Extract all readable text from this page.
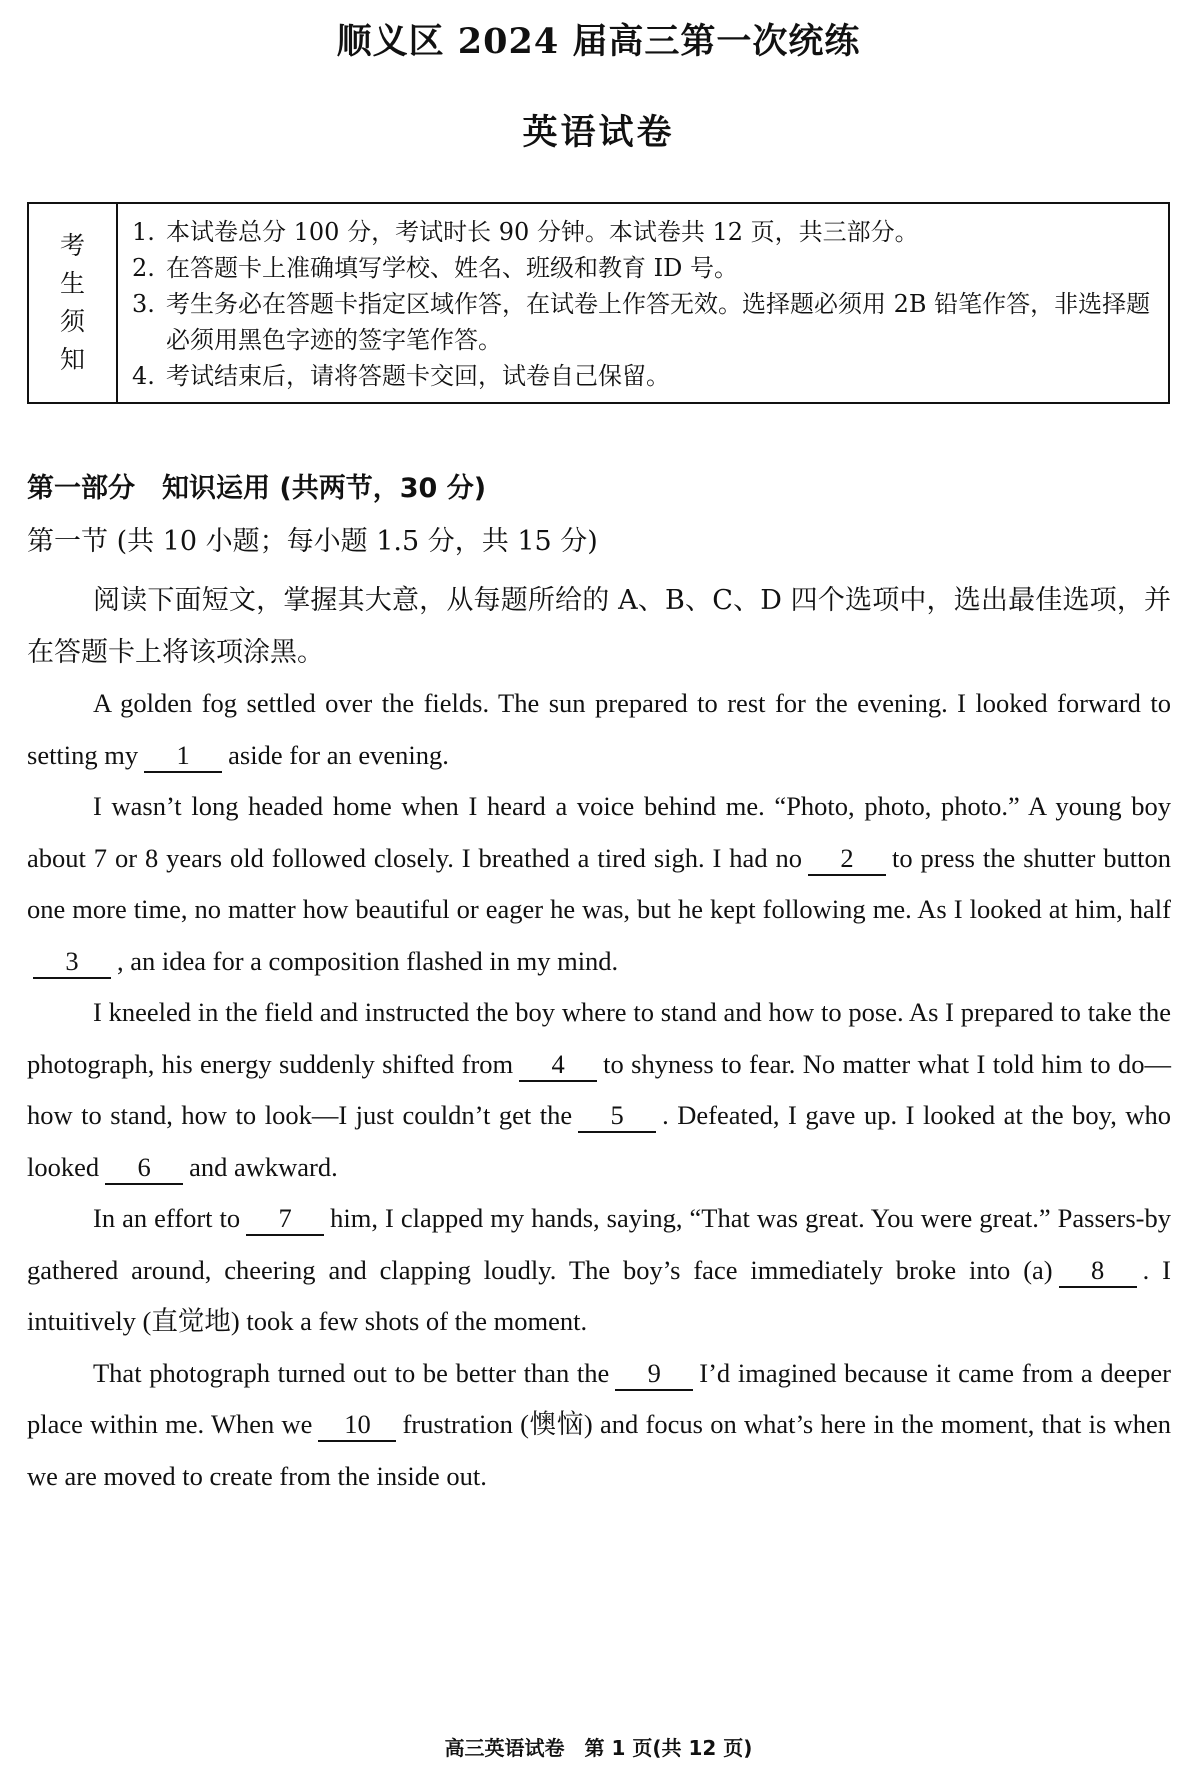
顺义区 2024 届高三第一次统练
英语试卷
考
生
须
知
1. 本试卷总分 100 分，考试时长 90 分钟。本试卷共 12 页，共三部分。
2. 在答题卡上准确填写学校、姓名、班级和教育 ID 号。
3. 考生务必在答题卡指定区域作答，在试卷上作答无效。选择题必须用 2B 铅笔作答，非选择题必须用黑色字迹的签字笔作答。
4. 考试结束后，请将答题卡交回，试卷自己保留。
第一部分　知识运用 (共两节，30 分)
第一节 (共 10 小题；每小题 1.5 分，共 15 分)
阅读下面短文，掌握其大意，从每题所给的 A、B、C、D 四个选项中，选出最佳选项，并在答题卡上将该项涂黑。

A golden fog settled over the fields. The sun prepared to rest for the evening. I looked forward to setting my 1 aside for an evening.

I wasn’t long headed home when I heard a voice behind me. “Photo, photo, photo.” A young boy about 7 or 8 years old followed closely. I breathed a tired sigh. I had no 2 to press the shutter button one more time, no matter how beautiful or eager he was, but he kept following me. As I looked at him, half3 , an idea for a composition flashed in my mind.

I kneeled in the field and instructed the boy where to stand and how to pose. As I prepared to take the photograph, his energy suddenly shifted from 4 to shyness to fear. No matter what I told him to do—how to stand, how to look—I just couldn’t get the 5 . Defeated, I gave up. I looked at the boy, who looked 6 and awkward.

In an effort to 7 him, I clapped my hands, saying, “That was great. You were great.” Passers-by gathered around, cheering and clapping loudly. The boy’s face immediately broke into (a) 8 . I intuitively (直觉地) took a few shots of the moment.

That photograph turned out to be better than the 9 I’d imagined because it came from a deeper place within me. When we 10 frustration (懊恼) and focus on what’s here in the moment, that is when we are moved to create from the inside out.

高三英语试卷　第 1 页(共 12 页)
